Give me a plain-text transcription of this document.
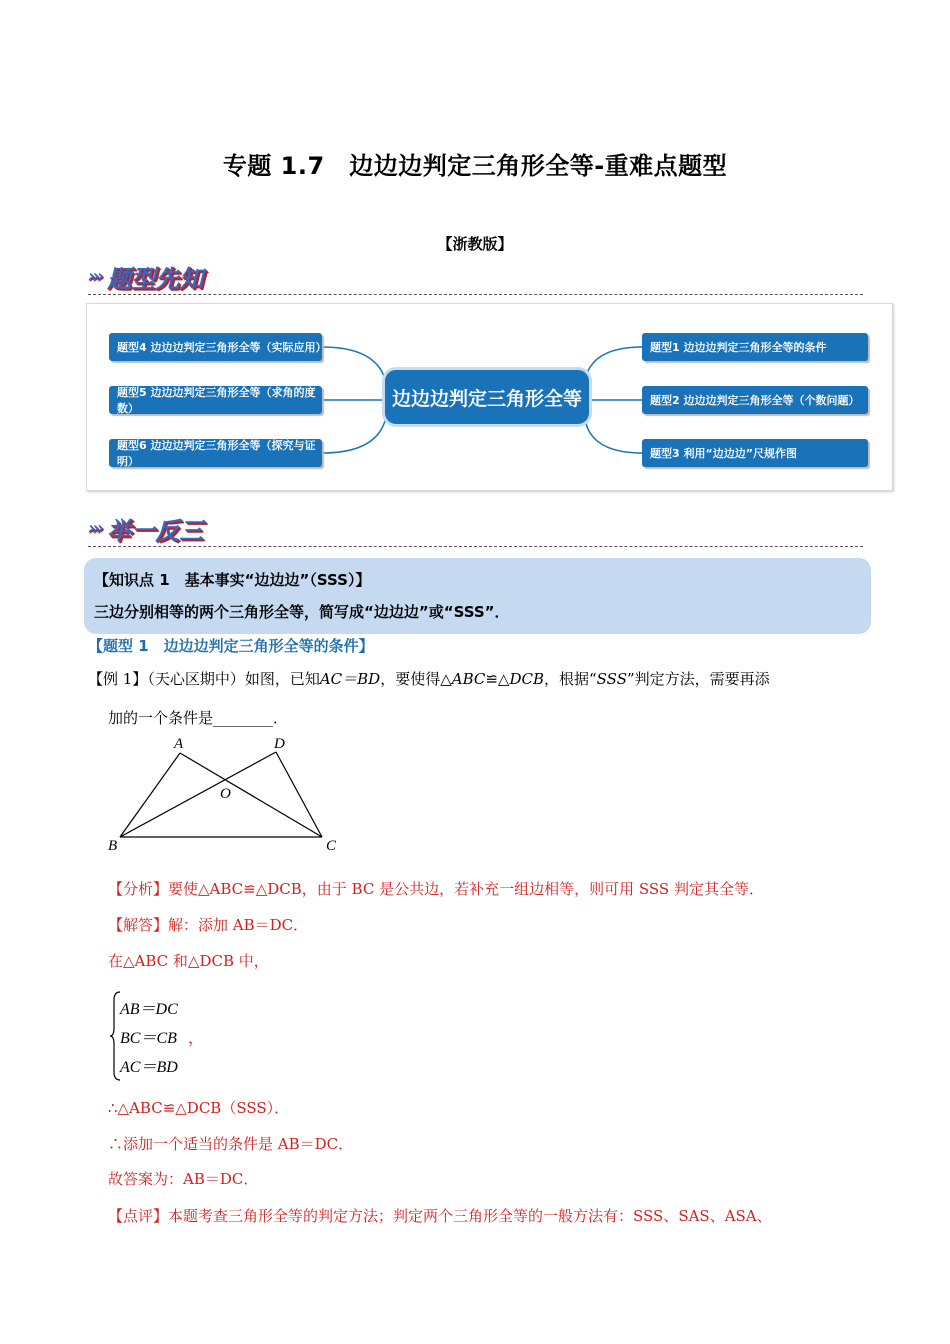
专题 1.7　边边边判定三角形全等-重难点题型
【浙教版】
››› 题型先知
题型4 边边边判定三角形全等（实际应用）
题型5 边边边判定三角形全等（求角的度数）
题型6 边边边判定三角形全等（探究与证明）
边边边判定三角形全等
题型1 边边边判定三角形全等的条件
题型2 边边边判定三角形全等（个数问题）
题型3 利用“边边边”尺规作图
››› 举一反三
【知识点 1　基本事实“边边边”（SSS）】
三边分别相等的两个三角形全等，简写成“边边边”或“SSS”．
【题型 1　边边边判定三角形全等的条件】
【例 1】（天心区期中）如图，已知AC＝BD，要使得△ABC≌△DCB，根据“SSS”判定方法，需要再添
加的一个条件是________．
A	D
O
B	C
【分析】要使△ABC≌△DCB，由于 BC 是公共边，若补充一组边相等，则可用 SSS 判定其全等．
【解答】解：添加 AB＝DC．
在△ABC 和△DCB 中，
AB＝DC
BC＝CB ，
AC＝BD
∴△ABC≌△DCB（SSS）．
∴添加一个适当的条件是 AB＝DC．
故答案为：AB＝DC．
【点评】本题考查三角形全等的判定方法；判定两个三角形全等的一般方法有：SSS、SAS、ASA、
